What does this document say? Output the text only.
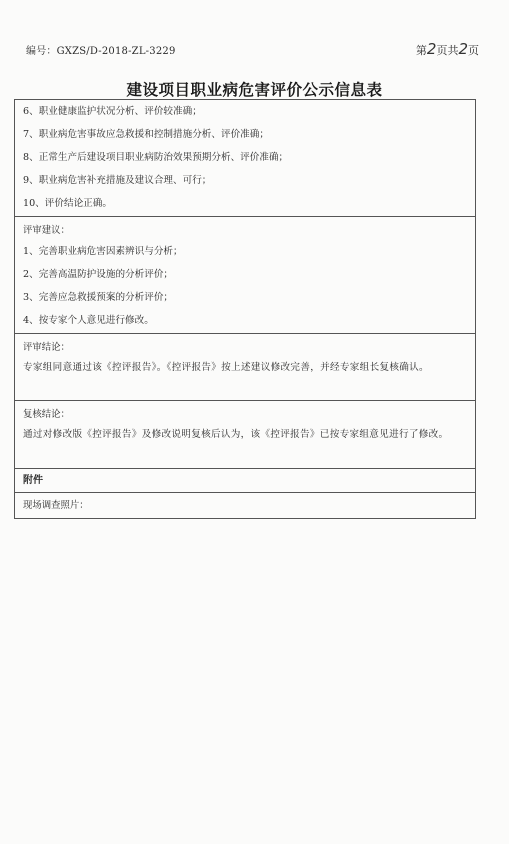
编号：GXZS/D-2018-ZL-3229	第2页共2页
建设项目职业病危害评价公示信息表
6、职业健康监护状况分析、评价较准确；
7、职业病危害事故应急救援和控制措施分析、评价准确；
8、正常生产后建设项目职业病防治效果预期分析、评价准确；
9、职业病危害补充措施及建议合理、可行；
10、评价结论正确。
评审建议：
1、完善职业病危害因素辨识与分析；
2、完善高温防护设施的分析评价；
3、完善应急救援预案的分析评价；
4、按专家个人意见进行修改。
评审结论：
专家组同意通过该《控评报告》。《控评报告》按上述建议修改完善，并经专家组长复核确认。
复核结论：
通过对修改版《控评报告》及修改说明复核后认为，该《控评报告》已按专家组意见进行了修改。
附件
现场调查照片：
